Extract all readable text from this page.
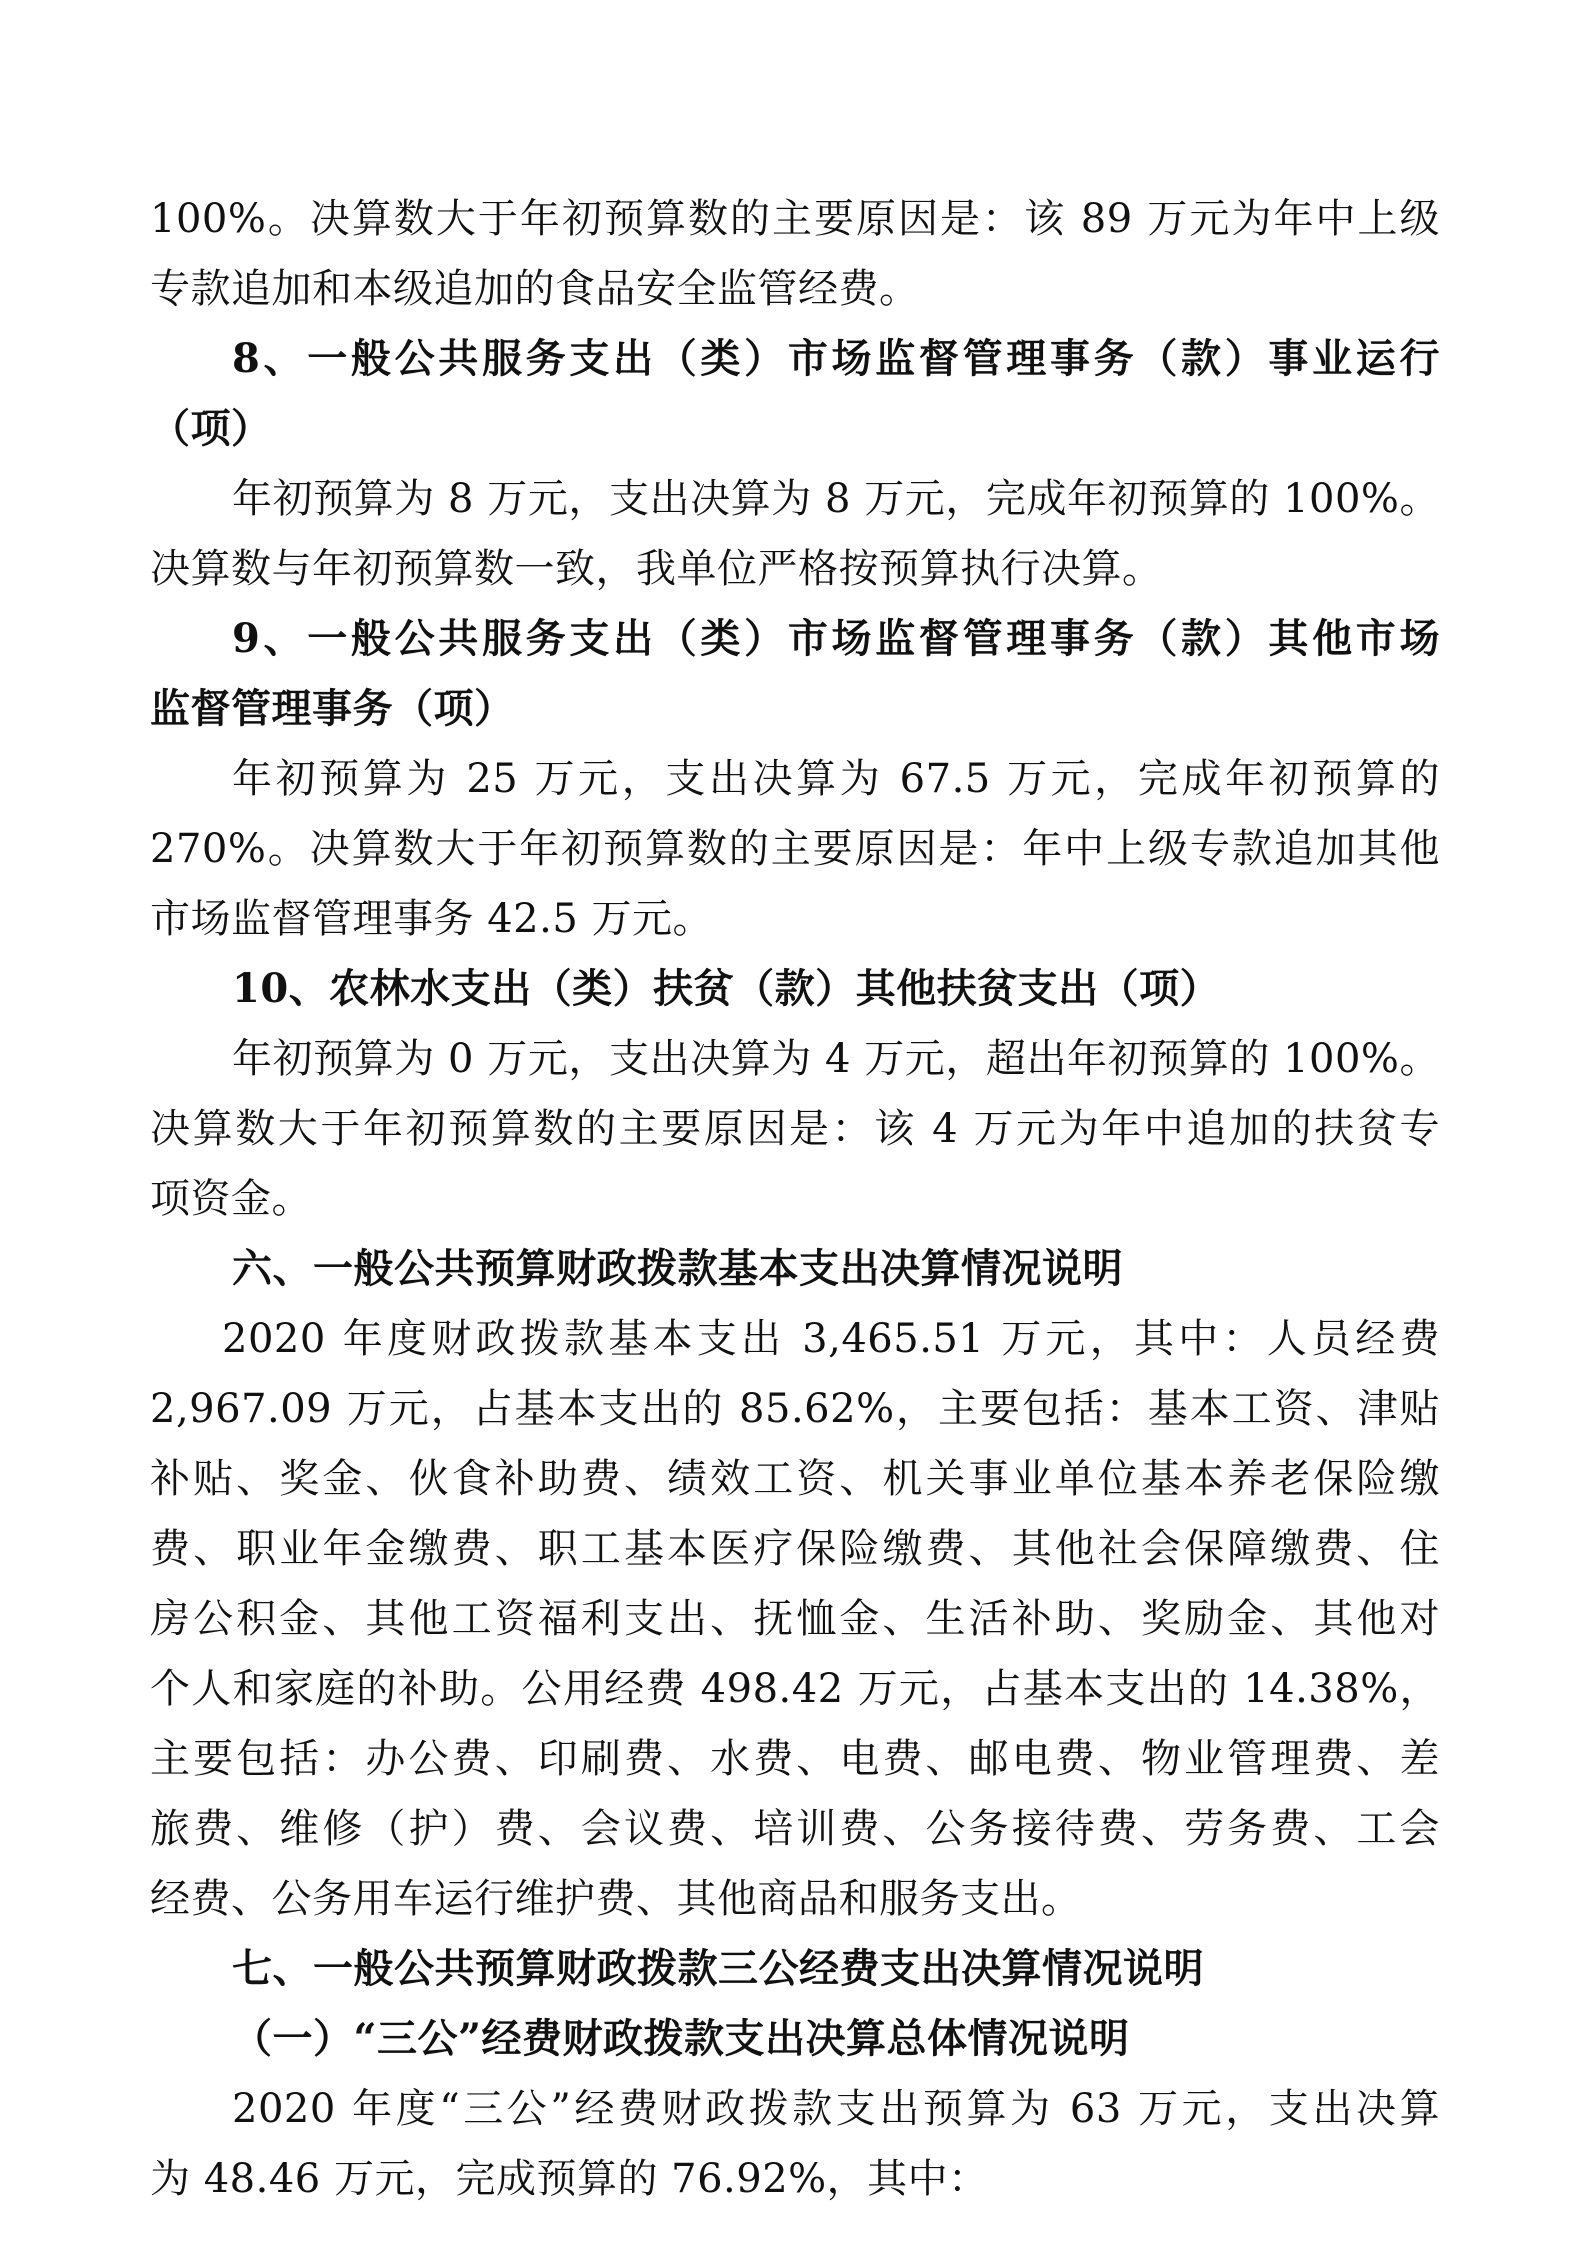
100%。决算数大于年初预算数的主要原因是：该 89 万元为年中上级
专款追加和本级追加的食品安全监管经费。
8、一般公共服务支出（类）市场监督管理事务（款）事业运行
（项）
年初预算为 8 万元，支出决算为 8 万元，完成年初预算的 100%。
决算数与年初预算数一致，我单位严格按预算执行决算。
9、一般公共服务支出（类）市场监督管理事务（款）其他市场
监督管理事务（项）
年初预算为 25 万元，支出决算为 67.5 万元，完成年初预算的
270%。决算数大于年初预算数的主要原因是：年中上级专款追加其他
市场监督管理事务 42.5 万元。
10、农林水支出（类）扶贫（款）其他扶贫支出（项）
年初预算为 0 万元，支出决算为 4 万元，超出年初预算的 100%。
决算数大于年初预算数的主要原因是：该 4 万元为年中追加的扶贫专
项资金。
六、一般公共预算财政拨款基本支出决算情况说明
2020 年度财政拨款基本支出 3,465.51 万元，其中：人员经费
2,967.09 万元，占基本支出的 85.62%，主要包括：基本工资、津贴
补贴、奖金、伙食补助费、绩效工资、机关事业单位基本养老保险缴
费、职业年金缴费、职工基本医疗保险缴费、其他社会保障缴费、住
房公积金、其他工资福利支出、抚恤金、生活补助、奖励金、其他对
个人和家庭的补助。公用经费 498.42 万元，占基本支出的 14.38%，
主要包括：办公费、印刷费、水费、电费、邮电费、物业管理费、差
旅费、维修（护）费、会议费、培训费、公务接待费、劳务费、工会
经费、公务用车运行维护费、其他商品和服务支出。
七、一般公共预算财政拨款三公经费支出决算情况说明
（一）“三公”经费财政拨款支出决算总体情况说明
2020 年度“三公”经费财政拨款支出预算为 63 万元，支出决算
为 48.46 万元，完成预算的 76.92%，其中：
